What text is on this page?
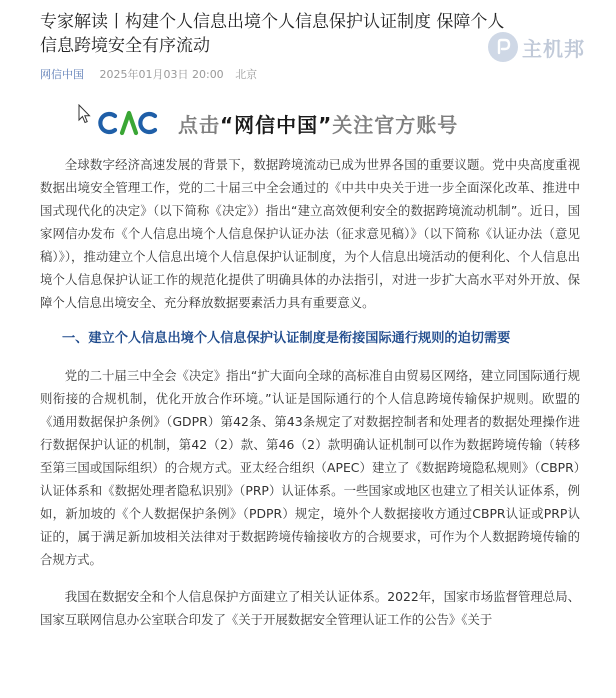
专家解读丨构建个人信息出境个人信息保护认证制度 保障个人信息跨境安全有序流动
网信中国 2025年01月03日 20:00 北京
主机邦
点击“网信中国”关注官方账号

全球数字经济高速发展的背景下，数据跨境流动已成为世界各国的重要议题。党中央高度重视数据出境安全管理工作，党的二十届三中全会通过的《中共中央关于进一步全面深化改革、推进中国式现代化的决定》（以下简称《决定》）指出“建立高效便利安全的数据跨境流动机制”。近日，国家网信办发布《个人信息出境个人信息保护认证办法（征求意见稿）》（以下简称《认证办法（意见稿）》），推动建立个人信息出境个人信息保护认证制度，为个人信息出境活动的便利化、个人信息出境个人信息保护认证工作的规范化提供了明确具体的办法指引，对进一步扩大高水平对外开放、保障个人信息出境安全、充分释放数据要素活力具有重要意义。

一、建立个人信息出境个人信息保护认证制度是衔接国际通行规则的迫切需要

党的二十届三中全会《决定》指出“扩大面向全球的高标准自由贸易区网络，建立同国际通行规则衔接的合规机制，优化开放合作环境。”认证是国际通行的个人信息跨境传输保护规则。欧盟的《通用数据保护条例》（GDPR）第42条、第43条规定了对数据控制者和处理者的数据处理操作进行数据保护认证的机制，第42（2）款、第46（2）款明确认证机制可以作为数据跨境传输（转移至第三国或国际组织）的合规方式。亚太经合组织（APEC）建立了《数据跨境隐私规则》（CBPR）认证体系和《数据处理者隐私识别》（PRP）认证体系。一些国家或地区也建立了相关认证体系，例如，新加坡的《个人数据保护条例》（PDPR）规定，境外个人数据接收方通过CBPR认证或PRP认证的，属于满足新加坡相关法律对于数据跨境传输接收方的合规要求，可作为个人数据跨境传输的合规方式。

我国在数据安全和个人信息保护方面建立了相关认证体系。2022年，国家市场监督管理总局、国家互联网信息办公室联合印发了《关于开展数据安全管理认证工作的公告》《关于
